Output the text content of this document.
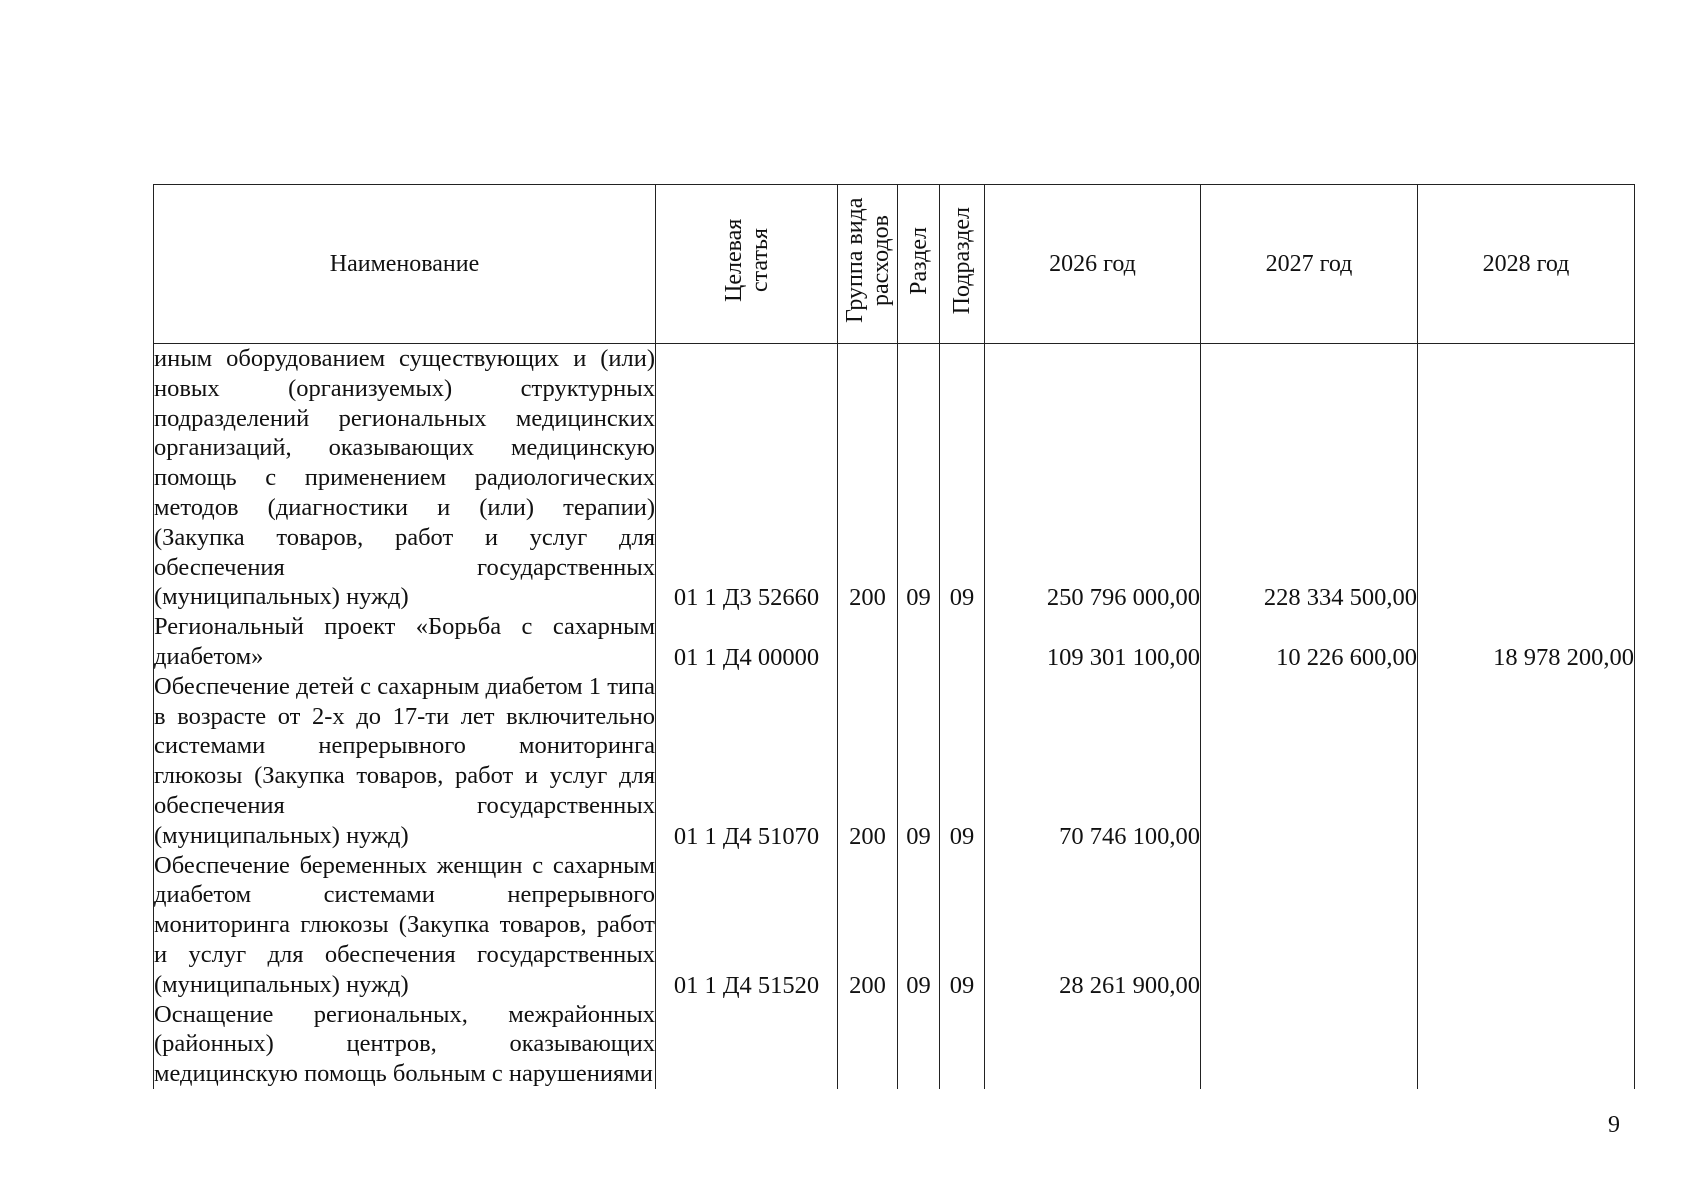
Наименование	Целевая статья	Группа вида расходов	Раздел	Подраздел	2026 год	2027 год	2028 год

иным оборудованием существующих и (или) новых (организуемых) структурных подразделений региональных медицинских организаций, оказывающих медицинскую помощь с применением радиологических методов (диагностики и (или) терапии) (Закупка товаров, работ и услуг для обеспечения государственных (муниципальных) нужд)	01 1 Д3 52660	200	09	09	250 796 000,00	228 334 500,00	

Региональный проект «Борьба с сахарным диабетом»	01 1 Д4 00000				109 301 100,00	10 226 600,00	18 978 200,00

Обеспечение детей с сахарным диабетом 1 типа в возрасте от 2-х до 17-ти лет включительно системами непрерывного мониторинга глюкозы (Закупка товаров, работ и услуг для обеспечения государственных (муниципальных) нужд)	01 1 Д4 51070	200	09	09	70 746 100,00		

Обеспечение беременных женщин с сахарным диабетом системами непрерывного мониторинга глюкозы (Закупка товаров, работ и услуг для обеспечения государственных (муниципальных) нужд)	01 1 Д4 51520	200	09	09	28 261 900,00		

Оснащение региональных, межрайонных (районных) центров, оказывающих медицинскую помощь больным с нарушениями							

9
